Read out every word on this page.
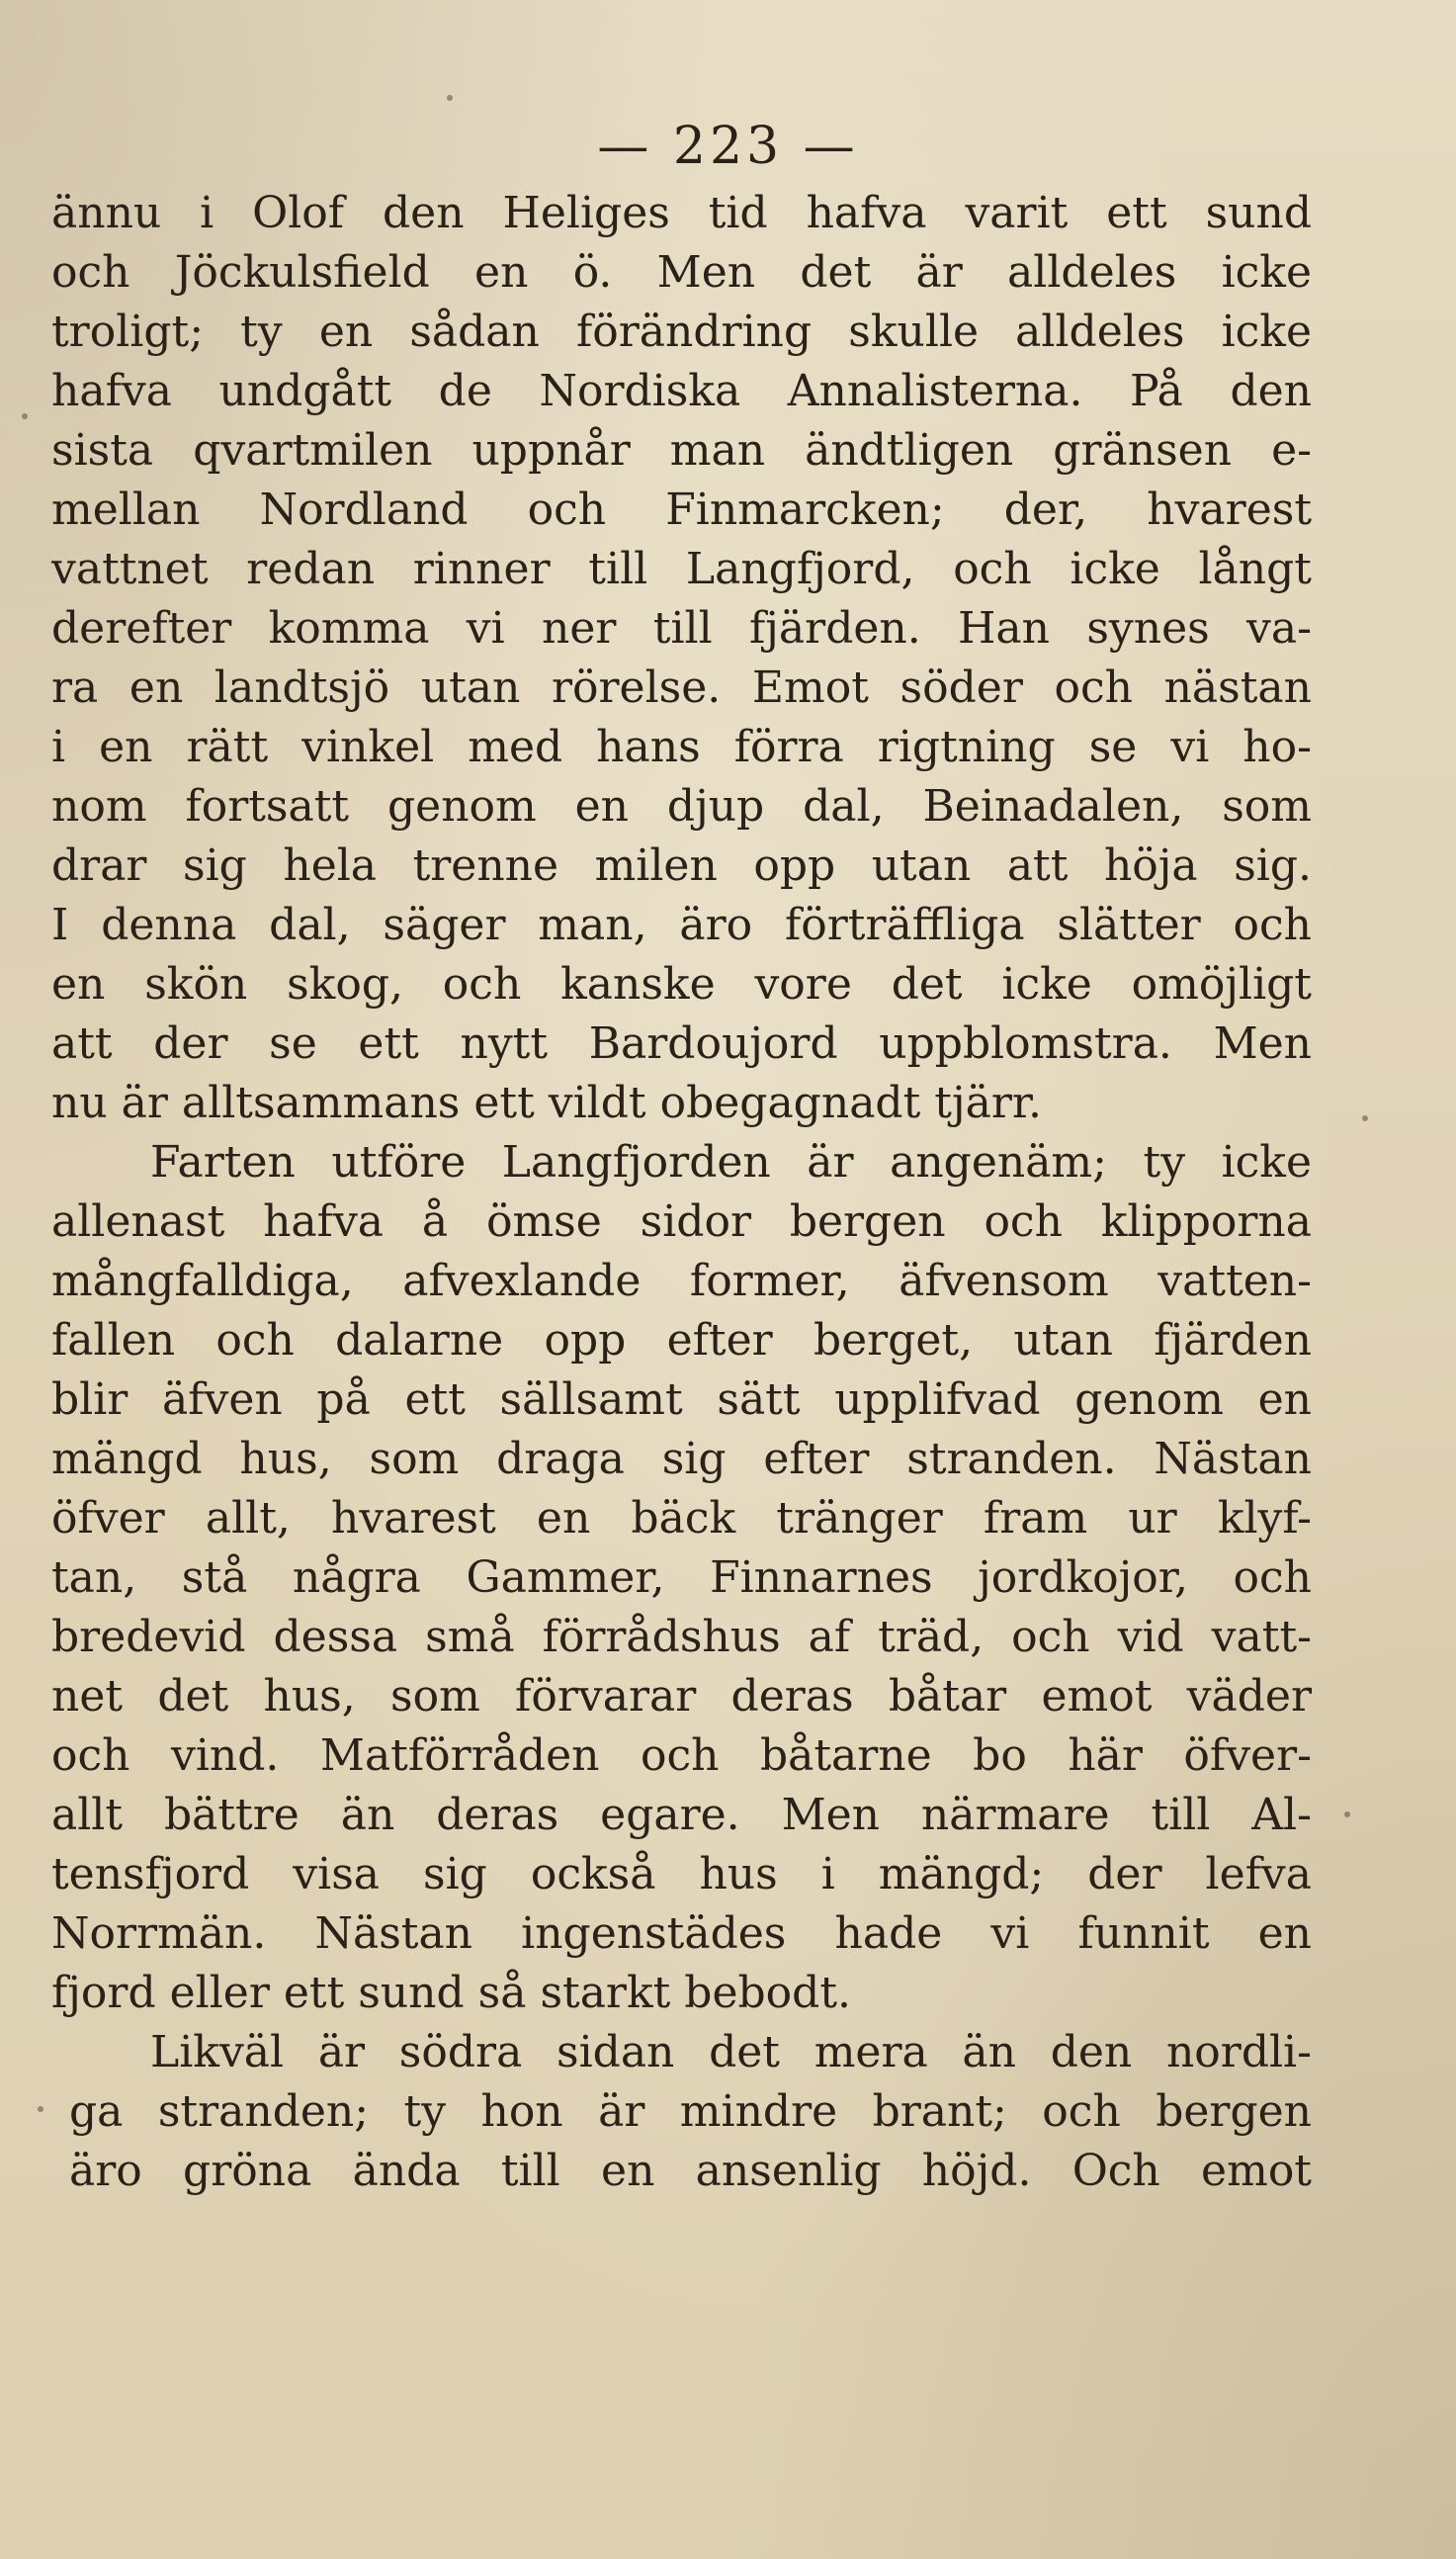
— 223 —
ännu i Olof den Heliges tid hafva varit ett sund
och Jöckulsfield en ö. Men det är alldeles icke
troligt; ty en sådan förändring skulle alldeles icke
hafva undgått de Nordiska Annalisterna. På den
sista qvartmilen uppnår man ändtligen gränsen e-
mellan Nordland och Finmarcken; der, hvarest
vattnet redan rinner till Langfjord, och icke långt
derefter komma vi ner till fjärden. Han synes va-
ra en landtsjö utan rörelse. Emot söder och nästan
i en rätt vinkel med hans förra rigtning se vi ho-
nom fortsatt genom en djup dal, Beinadalen, som
drar sig hela trenne milen opp utan att höja sig.
I denna dal, säger man, äro förträffliga slätter och
en skön skog, och kanske vore det icke omöjligt
att der se ett nytt Bardoujord uppblomstra. Men
nu är alltsammans ett vildt obegagnadt tjärr.
Farten utföre Langfjorden är angenäm; ty icke
allenast hafva å ömse sidor bergen och klipporna
mångfalldiga, afvexlande former, äfvensom vatten-
fallen och dalarne opp efter berget, utan fjärden
blir äfven på ett sällsamt sätt upplifvad genom en
mängd hus, som draga sig efter stranden. Nästan
öfver allt, hvarest en bäck tränger fram ur klyf-
tan, stå några Gammer, Finnarnes jordkojor, och
bredevid dessa små förrådshus af träd, och vid vatt-
net det hus, som förvarar deras båtar emot väder
och vind. Matförråden och båtarne bo här öfver-
allt bättre än deras egare. Men närmare till Al-
tensfjord visa sig också hus i mängd; der lefva
Norrmän. Nästan ingenstädes hade vi funnit en
fjord eller ett sund så starkt bebodt.
Likväl är södra sidan det mera än den nordli-
ga stranden; ty hon är mindre brant; och bergen
äro gröna ända till en ansenlig höjd. Och emot
